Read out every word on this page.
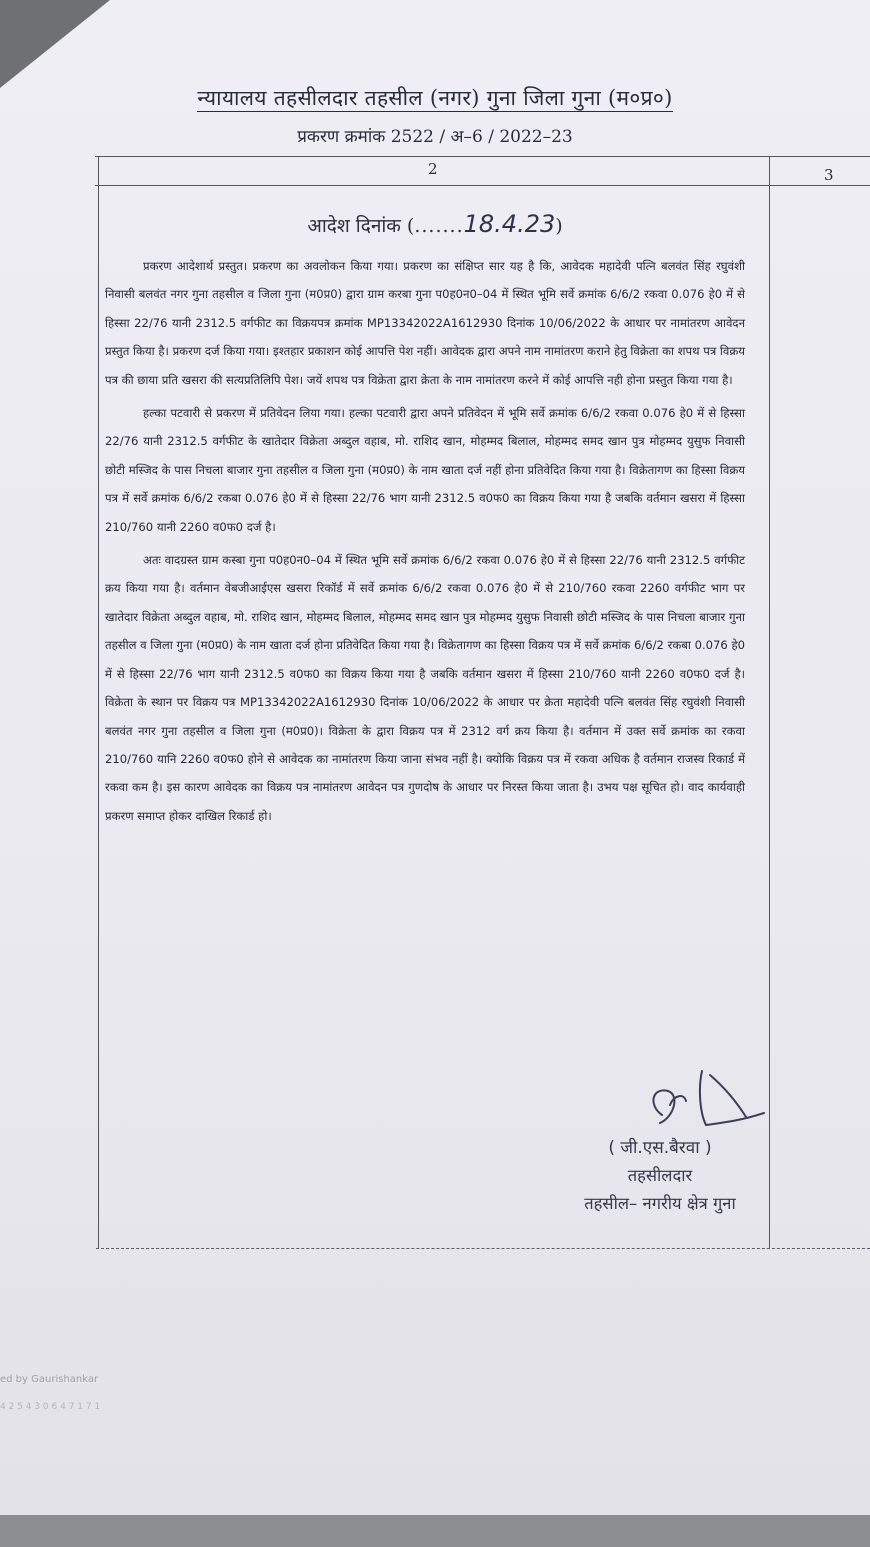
न्यायालय तहसीलदार तहसील (नगर) गुना जिला गुना (म०प्र०)
प्रकरण क्रमांक 2522 / अ–6 / 2022–23
2	3
आदेश दिनांक (.......18.4.23)

प्रकरण आदेशार्थ प्रस्तुत। प्रकरण का अवलोकन किया गया। प्रकरण का संक्षिप्त सार यह है कि, आवेदक महादेवी पत्नि बलवंत सिंह रघुवंशी निवासी बलवंत नगर गुना तहसील व जिला गुना (म0प्र0) द्वारा ग्राम करबा गुना प0ह0न0–04 में स्थित भूमि सर्वे क्रमांक 6/6/2 रकवा 0.076 हे0 में से हिस्सा 22/76 यानी 2312.5 वर्गफीट का विक्रयपत्र क्रमांक MP13342022A1612930 दिनांक 10/06/2022 के आधार पर नामांतरण आवेदन प्रस्तुत किया है। प्रकरण दर्ज किया गया। इश्तहार प्रकाशन कोई आपत्ति पेश नहीं। आवेदक द्वारा अपने नाम नामांतरण कराने हेतु विक्रेता का शपथ पत्र विक्रय पत्र की छाया प्रति खसरा की सत्यप्रतिलिपि पेश। जयें शपथ पत्र विक्रेता द्वारा क्रेता के नाम नामांतरण करने में कोई आपत्ति नही होना प्रस्तुत किया गया है।

हल्का पटवारी से प्रकरण में प्रतिवेदन लिया गया। हल्का पटवारी द्वारा अपने प्रतिवेदन में भूमि सर्वे क्रमांक 6/6/2 रकवा 0.076 हे0 में से हिस्सा 22/76 यानी 2312.5 वर्गफीट के खातेदार विक्रेता अब्दुल वहाब, मो. राशिद खान, मोहम्मद बिलाल, मोहम्मद समद खान पुत्र मोहम्मद युसुफ निवासी छोटी मस्जिद के पास निचला बाजार गुना तहसील व जिला गुना (म0प्र0) के नाम खाता दर्ज नहीं होना प्रतिवेदित किया गया है। विक्रेतागण का हिस्सा विक्रय पत्र में सर्वे क्रमांक 6/6/2 रकबा 0.076 हे0 में से हिस्सा 22/76 भाग यानी 2312.5 व0फ0 का विक्रय किया गया है जबकि वर्तमान खसरा में हिस्सा 210/760 यानी 2260 व0फ0 दर्ज है।

अतः वादग्रस्त ग्राम कस्बा गुना प0ह0न0–04 में स्थित भूमि सर्वे क्रमांक 6/6/2 रकवा 0.076 हे0 में से हिस्सा 22/76 यानी 2312.5 वर्गफीट क्रय किया गया है। वर्तमान वेबजीआईएस खसरा रिकॉर्ड में सर्वे क्रमांक 6/6/2 रकवा 0.076 हे0 में से 210/760 रकवा 2260 वर्गफीट भाग पर खातेदार विक्रेता अब्दुल वहाब, मो. राशिद खान, मोहम्मद बिलाल, मोहम्मद समद खान पुत्र मोहम्मद युसुफ निवासी छोटी मस्जिद के पास निचला बाजार गुना तहसील व जिला गुना (म0प्र0) के नाम खाता दर्ज होना प्रतिवेदित किया गया है। विक्रेतागण का हिस्सा विक्रय पत्र में सर्वे क्रमांक 6/6/2 रकबा 0.076 हे0 में से हिस्सा 22/76 भाग यानी 2312.5 व0फ0 का विक्रय किया गया है जबकि वर्तमान खसरा में हिस्सा 210/760 यानी 2260 व0फ0 दर्ज है। विक्रेता के स्थान पर विक्रय पत्र MP13342022A1612930 दिनांक 10/06/2022 के आधार पर क्रेता महादेवी पत्नि बलवंत सिंह रघुवंशी निवासी बलवंत नगर गुना तहसील व जिला गुना (म0प्र0)। विक्रेता के द्वारा विक्रय पत्र में 2312 वर्ग क्रय किया है। वर्तमान में उक्त सर्वे क्रमांक का रकवा 210/760 यानि 2260 व0फ0 होने से आवेदक का नामांतरण किया जाना संभव नहीं है। क्योकि विक्रय पत्र में रकवा अधिक है वर्तमान राजस्व रिकार्ड में रकवा कम है। इस कारण आवेदक का विक्रय पत्र नामांतरण आवेदन पत्र गुणदोष के आधार पर निरस्त किया जाता है। उभय पक्ष सूचित हो। वाद कार्यवाही प्रकरण समाप्त होकर दाखिल रिकार्ड हो।

( जी.एस.बैरवा )
तहसीलदार
तहसील– नगरीय क्षेत्र गुना
ed by Gaurishankar
4 2 5 4 3 0 6 4 7 1 7 1
